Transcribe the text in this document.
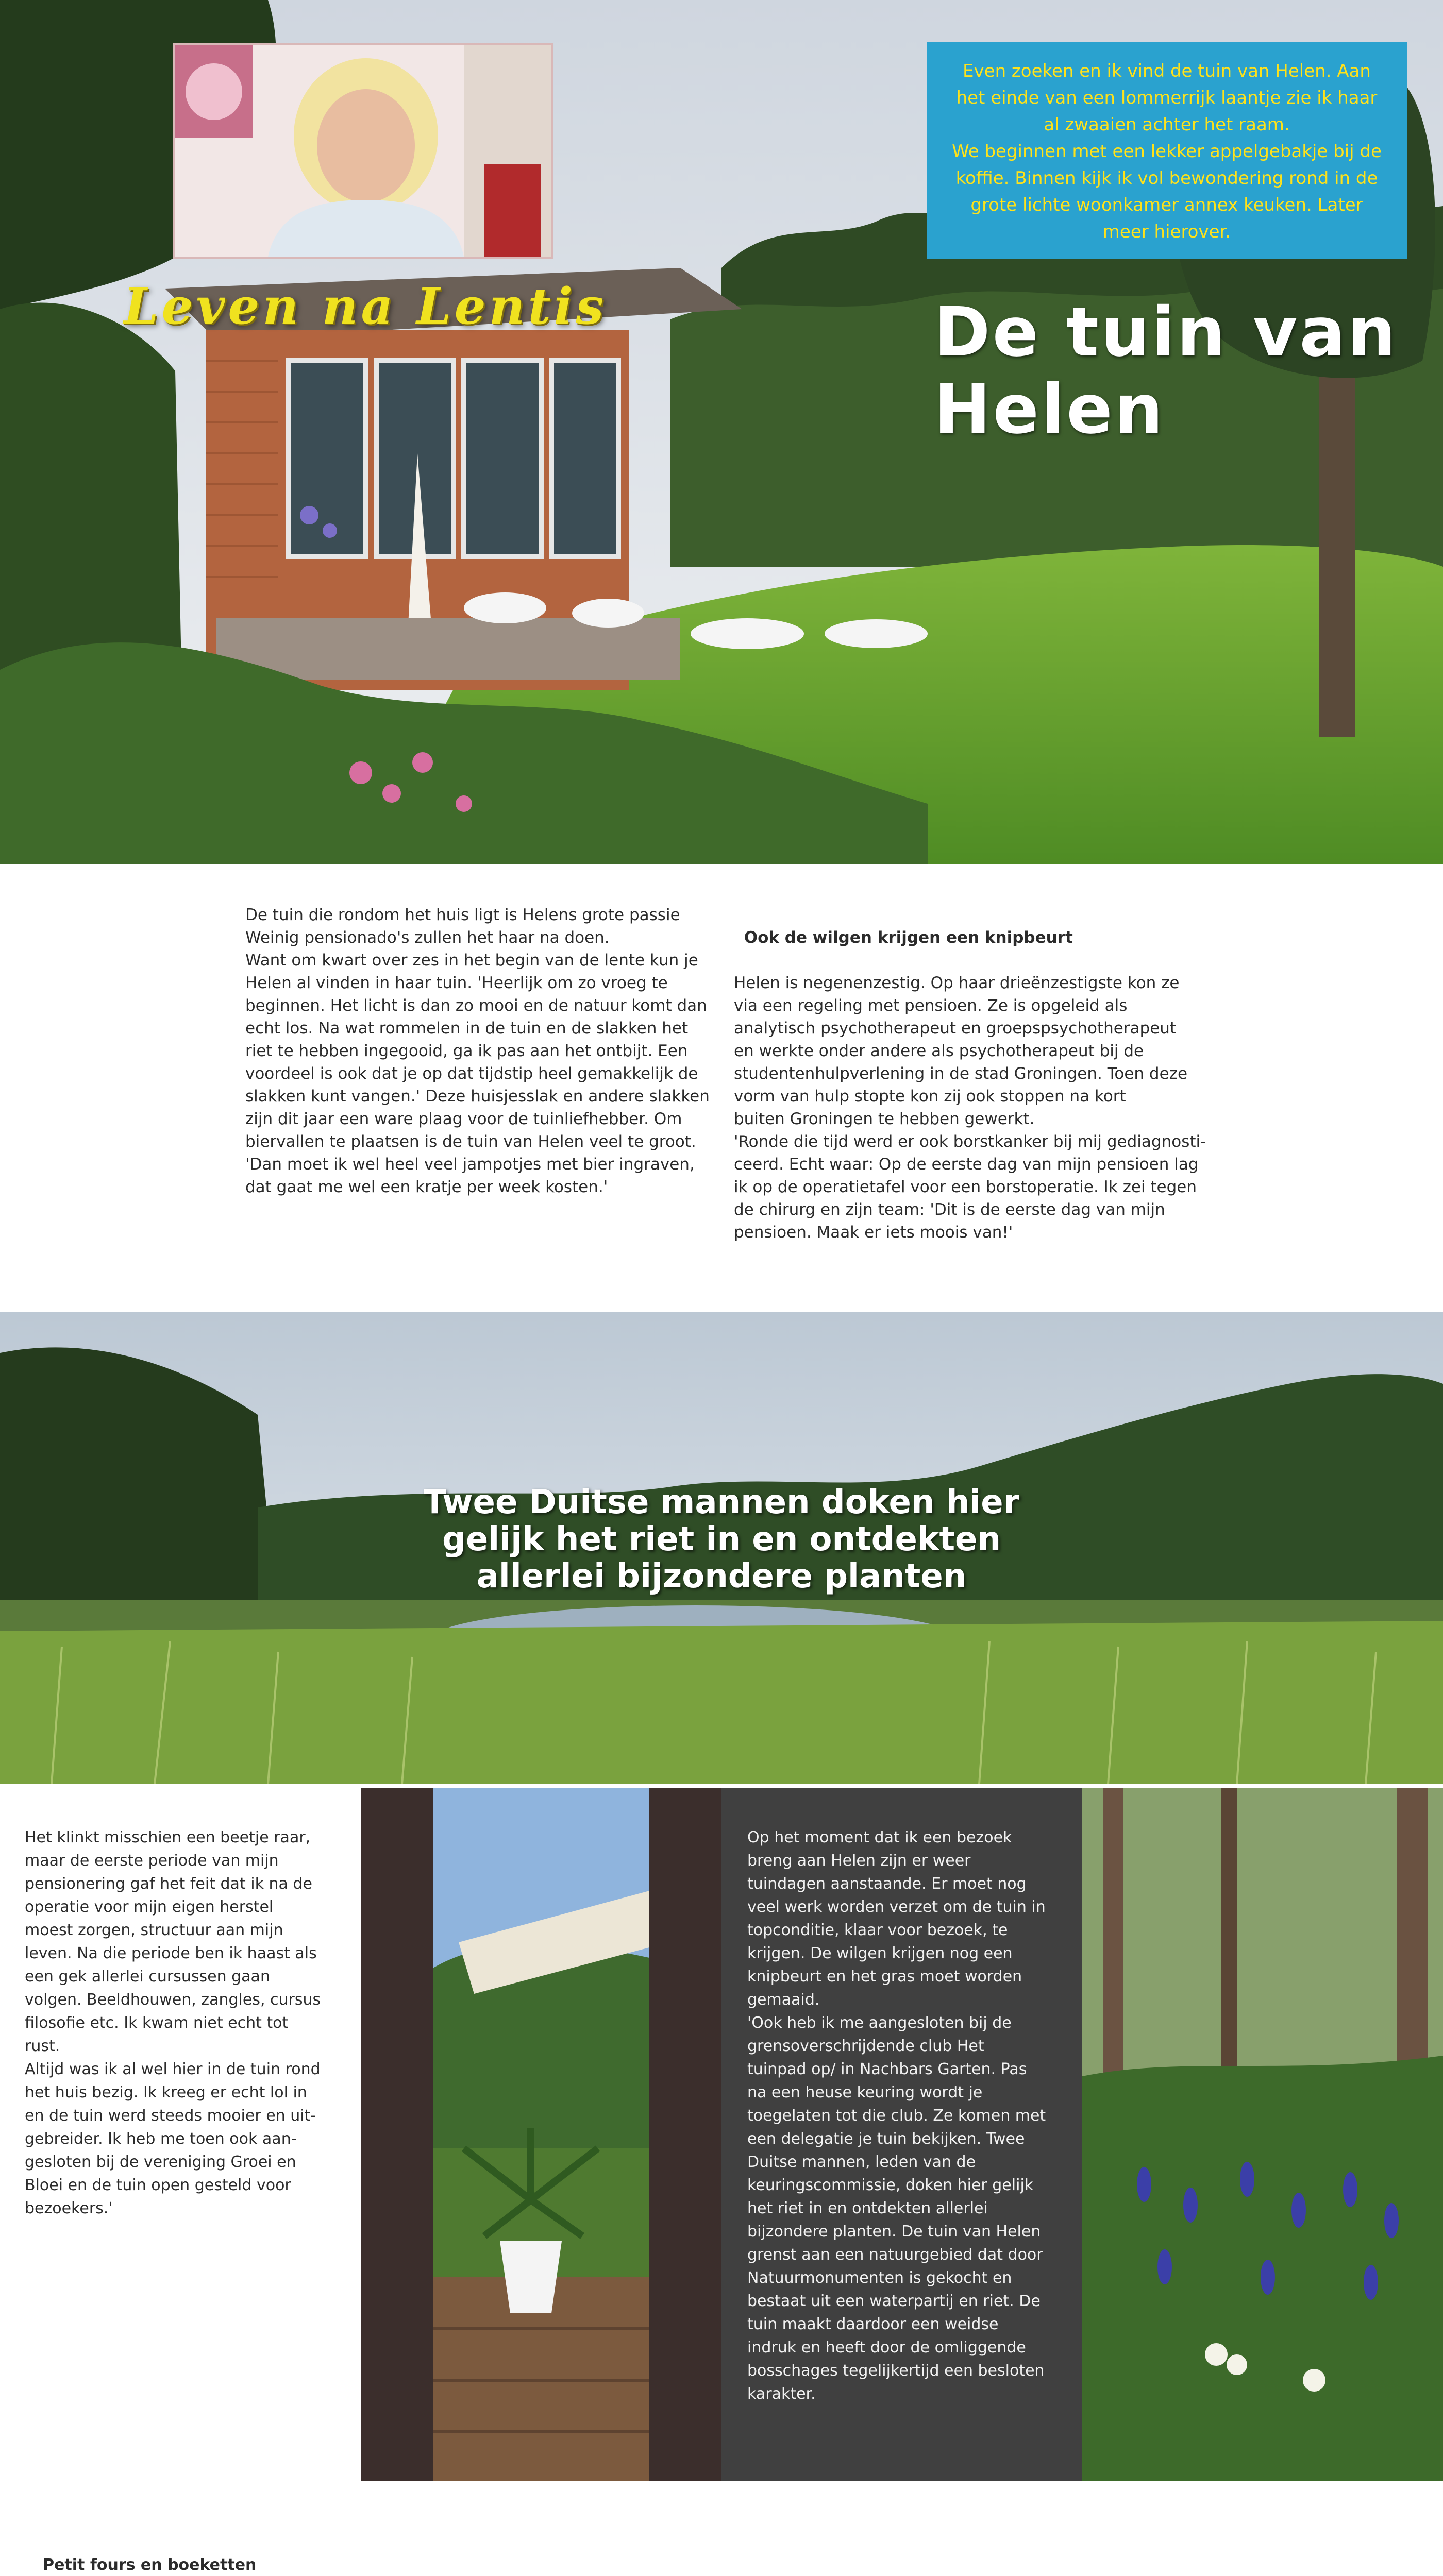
Leven na Lentis
Even zoeken en ik vind de tuin van Helen. Aan
het einde van een lommerrijk laantje zie ik haar
al zwaaien achter het raam.
We beginnen met een lekker appelgebakje bij de
koffie. Binnen kijk ik vol bewondering rond in de
grote lichte woonkamer annex keuken. Later
meer hierover.
De tuin van Helen
De tuin die rondom het huis ligt is Helens grote passie
Weinig pensionado's zullen het haar na doen.
Want om kwart over zes in het begin van de lente kun je
Helen al vinden in haar tuin. 'Heerlijk om zo vroeg te
beginnen. Het licht is dan zo mooi en de natuur komt dan
echt los. Na wat rommelen in de tuin en de slakken het
riet te hebben ingegooid, ga ik pas aan het ontbijt. Een
voordeel is ook dat je op dat tijdstip heel gemakkelijk de
slakken kunt vangen.' Deze huisjesslak en andere slakken
zijn dit jaar een ware plaag voor de tuinliefhebber. Om
biervallen te plaatsen is de tuin van Helen veel te groot.
'Dan moet ik wel heel veel jampotjes met bier ingraven,
dat gaat me wel een kratje per week kosten.'

Ook de wilgen krijgen een knipbeurt

Helen is negenenzestig. Op haar drieënzestigste kon ze
via een regeling met pensioen. Ze is opgeleid als
analytisch psychotherapeut en groepspsychotherapeut
en werkte onder andere als psychotherapeut bij de
studentenhulpverlening in de stad Groningen. Toen deze
vorm van hulp stopte kon zij ook stoppen na kort
buiten Groningen te hebben gewerkt.
'Ronde die tijd werd er ook borstkanker bij mij gediagnosti-
ceerd. Echt waar: Op de eerste dag van mijn pensioen lag
ik op de operatietafel voor een borstoperatie. Ik zei tegen
de chirurg en zijn team: 'Dit is de eerste dag van mijn
pensioen. Maak er iets moois van!'

Twee Duitse mannen doken hier
gelijk het riet in en ontdekten
allerlei bijzondere planten
Het klinkt misschien een beetje raar,
maar de eerste periode van mijn
pensionering gaf het feit dat ik na de
operatie voor mijn eigen herstel
moest zorgen, structuur aan mijn
leven. Na die periode ben ik haast als
een gek allerlei cursussen gaan
volgen. Beeldhouwen, zangles, cursus
filosofie etc. Ik kwam niet echt tot
rust.
Altijd was ik al wel hier in de tuin rond
het huis bezig. Ik kreeg er echt lol in
en de tuin werd steeds mooier en uit-
gebreider. Ik heb me toen ook aan-
gesloten bij de vereniging Groei en
Bloei en de tuin open gesteld voor
bezoekers.'
Op het moment dat ik een bezoek
breng aan Helen zijn er weer
tuindagen aanstaande. Er moet nog
veel werk worden verzet om de tuin in
topconditie, klaar voor bezoek, te
krijgen. De wilgen krijgen nog een
knipbeurt en het gras moet worden
gemaaid.
'Ook heb ik me aangesloten bij de
grensoverschrijdende club Het
tuinpad op/ in Nachbars Garten. Pas
na een heuse keuring wordt je
toegelaten tot die club. Ze komen met
een delegatie je tuin bekijken. Twee
Duitse mannen, leden van de
keuringscommissie, doken hier gelijk
het riet in en ontdekten allerlei
bijzondere planten. De tuin van Helen
grenst aan een natuurgebied dat door
Natuurmonumenten is gekocht en
bestaat uit een waterpartij en riet. De
tuin maakt daardoor een weidse
indruk en heeft door de omliggende
bosschages tegelijkertijd een besloten
karakter.

Petit fours en boeketten
